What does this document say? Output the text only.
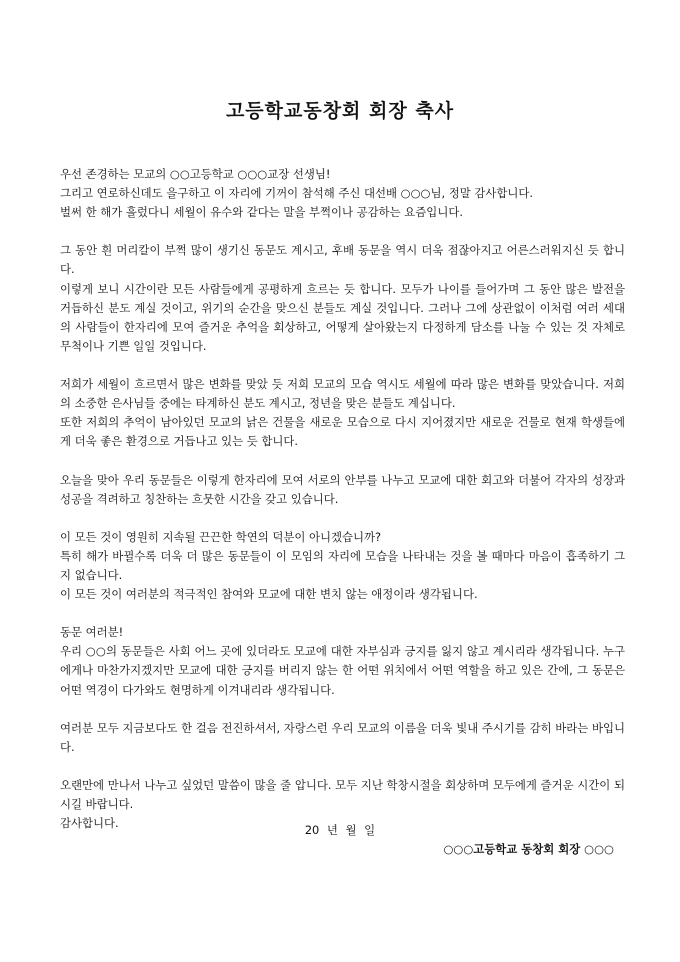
고등학교동창회 회장 축사

우선 존경하는 모교의 ○○고등학교 ○○○교장 선생님!

그리고 연로하신데도 을구하고 이 자리에 기꺼이 참석해 주신 대선배 ○○○님, 정말 감사합니다.

벌써 한 해가 흘렀다니 세월이 유수와 같다는 말을 부쩍이나 공감하는 요즘입니다.

그 동안 흰 머리칼이 부쩍 많이 생기신 동문도 계시고, 후배 동문을 역시 더욱 점잖아지고 어른스러워지신 듯 합니다.

이렇게 보니 시간이란 모든 사람들에게 공평하게 흐르는 듯 합니다. 모두가 나이를 들어가며 그 동안 많은 발전을 거듭하신 분도 계실 것이고, 위기의 순간을 맞으신 분들도 계실 것입니다. 그러나 그에 상관없이 이처럼 여러 세대의 사람들이 한자리에 모여 즐거운 추억을 회상하고, 어떻게 살아왔는지 다정하게 담소를 나눌 수 있는 것 자체로 무척이나 기쁜 일일 것입니다.

저희가 세월이 흐르면서 많은 변화를 맞았 듯 저희 모교의 모습 역시도 세월에 따라 많은 변화를 맞았습니다. 저희의 소중한 은사님들 중에는 타계하신 분도 계시고, 정년을 맞은 분들도 계십니다.

또한 저희의 추억이 남아있던 모교의 낡은 건물을 새로운 모습으로 다시 지어졌지만 새로운 건물로 현재 학생들에게 더욱 좋은 환경으로 거듭나고 있는 듯 합니다.

오늘을 맞아 우리 동문들은 이렇게 한자리에 모여 서로의 안부를 나누고 모교에 대한 회고와 더불어 각자의 성장과 성공을 격려하고 칭찬하는 흐뭇한 시간을 갖고 있습니다.

이 모든 것이 영원히 지속될 끈끈한 학연의 덕분이 아니겠습니까?

특히 해가 바뀔수록 더욱 더 많은 동문들이 이 모임의 자리에 모습을 나타내는 것을 볼 때마다 마음이 흡족하기 그지 없습니다.

이 모든 것이 여러분의 적극적인 참여와 모교에 대한 변치 않는 애정이라 생각됩니다.

동문 여러분!

우리 ○○의 동문들은 사회 어느 곳에 있더라도 모교에 대한 자부심과 긍지를 잃지 않고 계시리라 생각됩니다. 누구에게나 마찬가지겠지만 모교에 대한 긍지를 버리지 않는 한 어떤 위치에서 어떤 역할을 하고 있은 간에, 그 동문은 어떤 역경이 다가와도 현명하게 이겨내리라 생각됩니다.

여러분 모두 지금보다도 한 걸음 전진하셔서, 자랑스런 우리 모교의 이름을 더욱 빛내 주시기를 감히 바라는 바입니다.

오랜만에 만나서 나누고 싶었던 말씀이 많을 줄 압니다. 모두 지난 학창시절을 회상하며 모두에게 즐거운 시간이 되시길 바랍니다.

감사합니다.	20 년 월 일
○○○고등학교 동창회 회장 ○○○
